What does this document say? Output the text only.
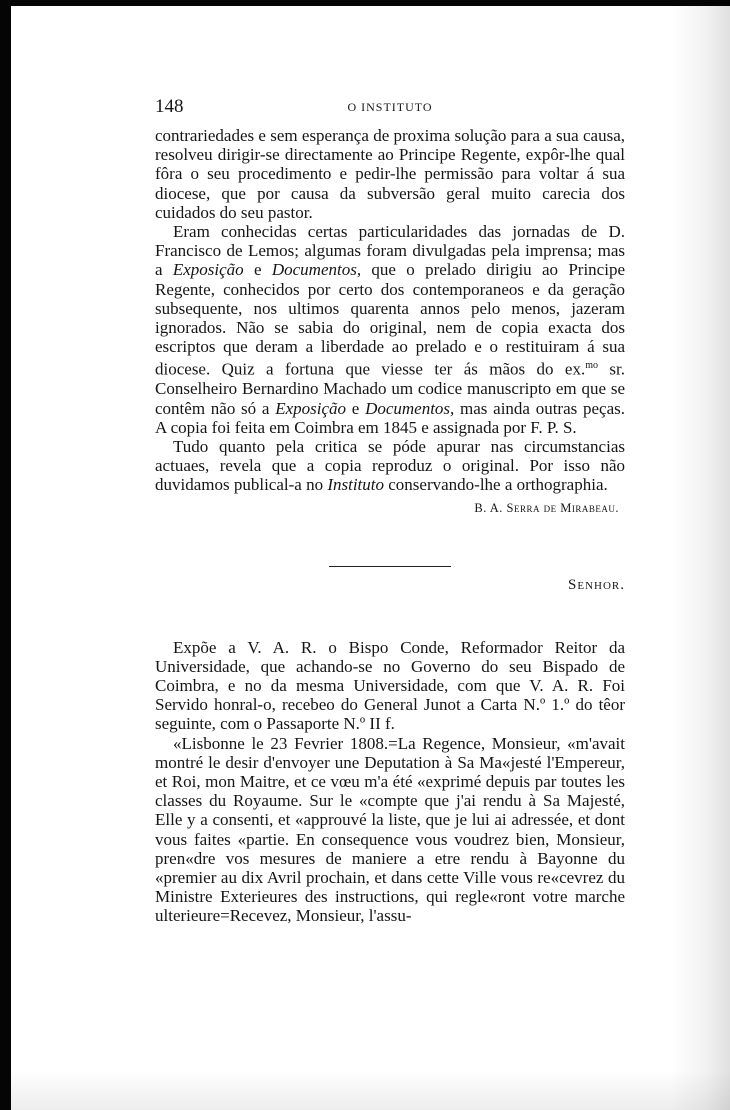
148	O INSTITUTO

contrariedades e sem esperança de proxima solução para a sua causa, resolveu dirigir-se directamente ao Principe Regente, expôr-lhe qual fôra o seu procedimento e pedir-lhe permissão para voltar á sua diocese, que por causa da subversão geral muito carecia dos cuidados do seu pastor.

Eram conhecidas certas particularidades das jornadas de D. Francisco de Lemos; algumas foram divulgadas pela imprensa; mas a Exposição e Documentos, que o prelado dirigiu ao Principe Regente, conhecidos por certo dos contemporaneos e da geração subsequente, nos ultimos quarenta annos pelo menos, jazeram ignorados. Não se sabia do original, nem de copia exacta dos escriptos que deram a liberdade ao prelado e o restituiram á sua diocese. Quiz a fortuna que viesse ter ás mãos do ex.$^{mo}$ sr. Conselheiro Bernardino Machado um codice manuscripto em que se contêm não só a Exposição e Documentos, mas ainda outras peças. A copia foi feita em Coimbra em 1845 e assignada por F. P. S.

Tudo quanto pela critica se póde apurar nas circumstancias actuaes, revela que a copia reproduz o original. Por isso não duvidamos publical-a no Instituto conservando-lhe a orthographia.

B. A. Serra de Mirabeau.
Senhor.

Expõe a V. A. R. o Bispo Conde, Reformador Reitor da Universidade, que achando-se no Governo do seu Bispado de Coimbra, e no da mesma Universidade, com que V. A. R. Foi Servido honral-o, recebeo do General Junot a Carta N.º 1.º do têor seguinte, com o Passaporte N.º II f.

«Lisbonne le 23 Fevrier 1808.=La Regence, Monsieur, «m'avait montré le desir d'envoyer une Deputation à Sa Ma«jesté l'Empereur, et Roi, mon Maitre, et ce vœu m'a été «exprimé depuis par toutes les classes du Royaume. Sur le «compte que j'ai rendu à Sa Majesté, Elle y a consenti, et «approuvé la liste, que je lui ai adressée, et dont vous faites «partie. En consequence vous voudrez bien, Monsieur, pren«dre vos mesures de maniere a etre rendu à Bayonne du «premier au dix Avril prochain, et dans cette Ville vous re«cevrez du Ministre Exterieures des instructions, qui regle«ront votre marche ulterieure=Recevez, Monsieur, l'assu-
